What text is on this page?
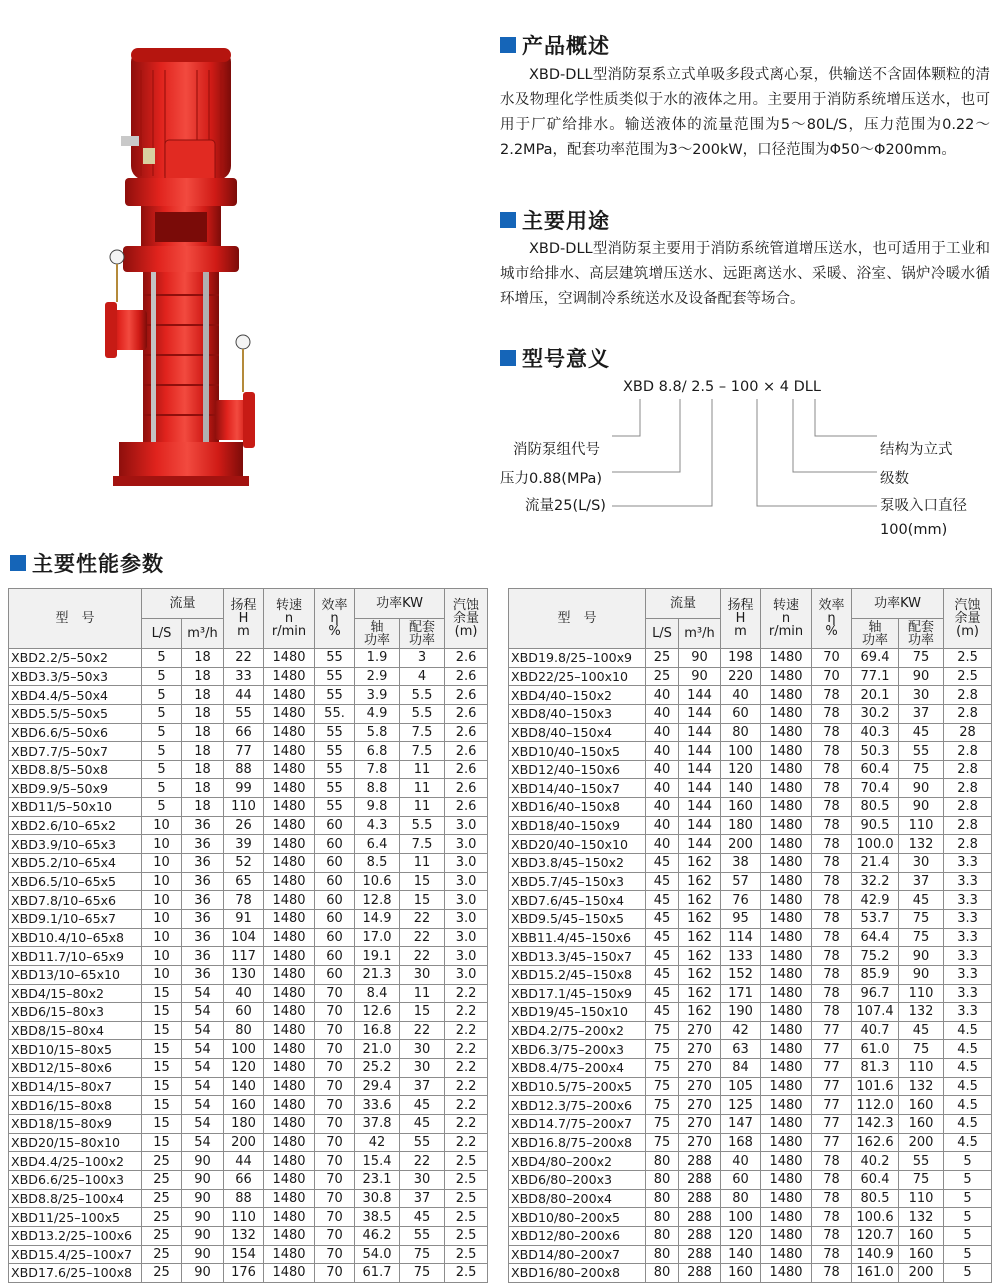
产品概述

XBD-DLL型消防泵系立式单吸多段式离心泵，供输送不含固体颗粒的清水及物理化学性质类似于水的液体之用。主要用于消防系统增压送水，也可用于厂矿给排水。输送液体的流量范围为5～80L/S，压力范围为0.22～2.2MPa，配套功率范围为3～200kW，口径范围为Φ50～Φ200mm。

主要用途

XBD-DLL型消防泵主要用于消防系统管道增压送水，也可适用于工业和城市给排水、高层建筑增压送水、远距离送水、采暖、浴室、锅炉冷暖水循环增压，空调制冷系统送水及设备配套等场合。

型号意义
XBD 8.8/ 2.5 – 100 × 4 DLL
消防泵组代号
压力0.88(MPa)
流量25(L/S)
结构为立式
级数
泵吸入口直径
100(mm)
主要性能参数
型　号	流量		扬程
H
m	转速
n
r/min	效率
η
%	功率KW		汽蚀
余量
(m)
	L/S	m³/h				轴
功率	配套
功率	
XBD2.2/5–50x2	5	18	22	1480	55	1.9	3	2.6
XBD3.3/5–50x3	5	18	33	1480	55	2.9	4	2.6
XBD4.4/5–50x4	5	18	44	1480	55	3.9	5.5	2.6
XBD5.5/5–50x5	5	18	55	1480	55.	4.9	5.5	2.6
XBD6.6/5–50x6	5	18	66	1480	55	5.8	7.5	2.6
XBD7.7/5–50x7	5	18	77	1480	55	6.8	7.5	2.6
XBD8.8/5–50x8	5	18	88	1480	55	7.8	11	2.6
XBD9.9/5–50x9	5	18	99	1480	55	8.8	11	2.6
XBD11/5–50x10	5	18	110	1480	55	9.8	11	2.6
XBD2.6/10–65x2	10	36	26	1480	60	4.3	5.5	3.0
XBD3.9/10–65x3	10	36	39	1480	60	6.4	7.5	3.0
XBD5.2/10–65x4	10	36	52	1480	60	8.5	11	3.0
XBD6.5/10–65x5	10	36	65	1480	60	10.6	15	3.0
XBD7.8/10–65x6	10	36	78	1480	60	12.8	15	3.0
XBD9.1/10–65x7	10	36	91	1480	60	14.9	22	3.0
XBD10.4/10–65x8	10	36	104	1480	60	17.0	22	3.0
XBD11.7/10–65x9	10	36	117	1480	60	19.1	22	3.0
XBD13/10–65x10	10	36	130	1480	60	21.3	30	3.0
XBD4/15–80x2	15	54	40	1480	70	8.4	11	2.2
XBD6/15–80x3	15	54	60	1480	70	12.6	15	2.2
XBD8/15–80x4	15	54	80	1480	70	16.8	22	2.2
XBD10/15–80x5	15	54	100	1480	70	21.0	30	2.2
XBD12/15–80x6	15	54	120	1480	70	25.2	30	2.2
XBD14/15–80x7	15	54	140	1480	70	29.4	37	2.2
XBD16/15–80x8	15	54	160	1480	70	33.6	45	2.2
XBD18/15–80x9	15	54	180	1480	70	37.8	45	2.2
XBD20/15–80x10	15	54	200	1480	70	42	55	2.2
XBD4.4/25–100x2	25	90	44	1480	70	15.4	22	2.5
XBD6.6/25–100x3	25	90	66	1480	70	23.1	30	2.5
XBD8.8/25–100x4	25	90	88	1480	70	30.8	37	2.5
XBD11/25–100x5	25	90	110	1480	70	38.5	45	2.5
XBD13.2/25–100x6	25	90	132	1480	70	46.2	55	2.5
XBD15.4/25–100x7	25	90	154	1480	70	54.0	75	2.5
XBD17.6/25–100x8	25	90	176	1480	70	61.7	75	2.5
型　号	流量		扬程
H
m	转速
n
r/min	效率
η
%	功率KW		汽蚀
余量
(m)
	L/S	m³/h				轴
功率	配套
功率	
XBD19.8/25–100x9	25	90	198	1480	70	69.4	75	2.5
XBD22/25–100x10	25	90	220	1480	70	77.1	90	2.5
XBD4/40–150x2	40	144	40	1480	78	20.1	30	2.8
XBD8/40–150x3	40	144	60	1480	78	30.2	37	2.8
XBD8/40–150x4	40	144	80	1480	78	40.3	45	28
XBD10/40–150x5	40	144	100	1480	78	50.3	55	2.8
XBD12/40–150x6	40	144	120	1480	78	60.4	75	2.8
XBD14/40–150x7	40	144	140	1480	78	70.4	90	2.8
XBD16/40–150x8	40	144	160	1480	78	80.5	90	2.8
XBD18/40–150x9	40	144	180	1480	78	90.5	110	2.8
XBD20/40–150x10	40	144	200	1480	78	100.0	132	2.8
XBD3.8/45–150x2	45	162	38	1480	78	21.4	30	3.3
XBD5.7/45–150x3	45	162	57	1480	78	32.2	37	3.3
XBD7.6/45–150x4	45	162	76	1480	78	42.9	45	3.3
XBD9.5/45–150x5	45	162	95	1480	78	53.7	75	3.3
XBB11.4/45–150x6	45	162	114	1480	78	64.4	75	3.3
XBD13.3/45–150x7	45	162	133	1480	78	75.2	90	3.3
XBD15.2/45–150x8	45	162	152	1480	78	85.9	90	3.3
XBD17.1/45–150x9	45	162	171	1480	78	96.7	110	3.3
XBD19/45–150x10	45	162	190	1480	78	107.4	132	3.3
XBD4.2/75–200x2	75	270	42	1480	77	40.7	45	4.5
XBD6.3/75–200x3	75	270	63	1480	77	61.0	75	4.5
XBD8.4/75–200x4	75	270	84	1480	77	81.3	110	4.5
XBD10.5/75–200x5	75	270	105	1480	77	101.6	132	4.5
XBD12.3/75–200x6	75	270	125	1480	77	112.0	160	4.5
XBD14.7/75–200x7	75	270	147	1480	77	142.3	160	4.5
XBD16.8/75–200x8	75	270	168	1480	77	162.6	200	4.5
XBD4/80–200x2	80	288	40	1480	78	40.2	55	5
XBD6/80–200x3	80	288	60	1480	78	60.4	75	5
XBD8/80–200x4	80	288	80	1480	78	80.5	110	5
XBD10/80–200x5	80	288	100	1480	78	100.6	132	5
XBD12/80–200x6	80	288	120	1480	78	120.7	160	5
XBD14/80–200x7	80	288	140	1480	78	140.9	160	5
XBD16/80–200x8	80	288	160	1480	78	161.0	200	5
